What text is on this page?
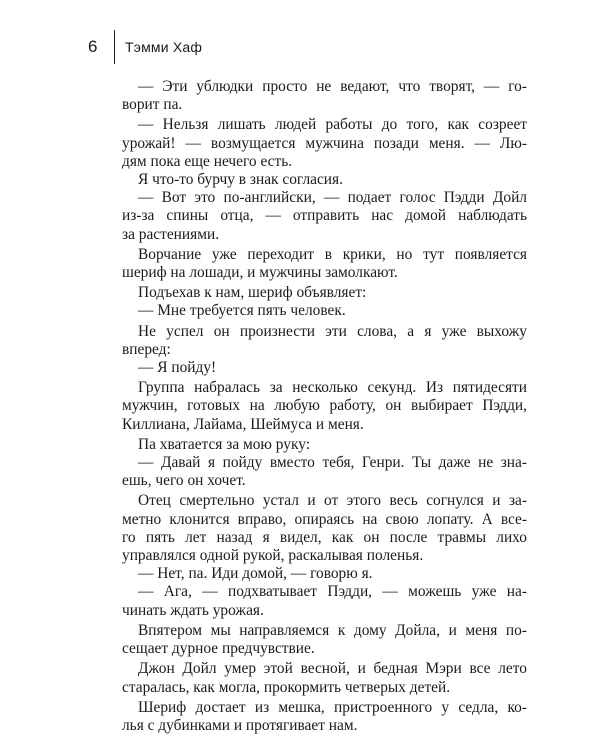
6	Тэмми Хаф

— Эти ублюдки просто не ведают, что творят, — го-
ворит па.

— Нельзя лишать людей работы до того, как созреет
урожай! — возмущается мужчина позади меня. — Лю-
дям пока еще нечего есть.

Я что-то бурчу в знак согласия.

— Вот это по-английски, — подает голос Пэдди Дойл
из-за спины отца, — отправить нас домой наблюдать
за растениями.

Ворчание уже переходит в крики, но тут появляется
шериф на лошади, и мужчины замолкают.

Подъехав к нам, шериф объявляет:

— Мне требуется пять человек.

Не успел он произнести эти слова, а я уже выхожу
вперед:

— Я пойду!

Группа набралась за несколько секунд. Из пятидесяти
мужчин, готовых на любую работу, он выбирает Пэдди,
Киллиана, Лайама, Шеймуса и меня.

Па хватается за мою руку:

— Давай я пойду вместо тебя, Генри. Ты даже не зна-
ешь, чего он хочет.

Отец смертельно устал и от этого весь согнулся и за-
метно клонится вправо, опираясь на свою лопату. А все-
го пять лет назад я видел, как он после травмы лихо
управлялся одной рукой, раскалывая поленья.

— Нет, па. Иди домой, — говорю я.

— Ага, — подхватывает Пэдди, — можешь уже на-
чинать ждать урожая.

Впятером мы направляемся к дому Дойла, и меня по-
сещает дурное предчувствие.

Джон Дойл умер этой весной, и бедная Мэри все лето
старалась, как могла, прокормить четверых детей.

Шериф достает из мешка, пристроенного у седла, ко-
лья с дубинками и протягивает нам.
